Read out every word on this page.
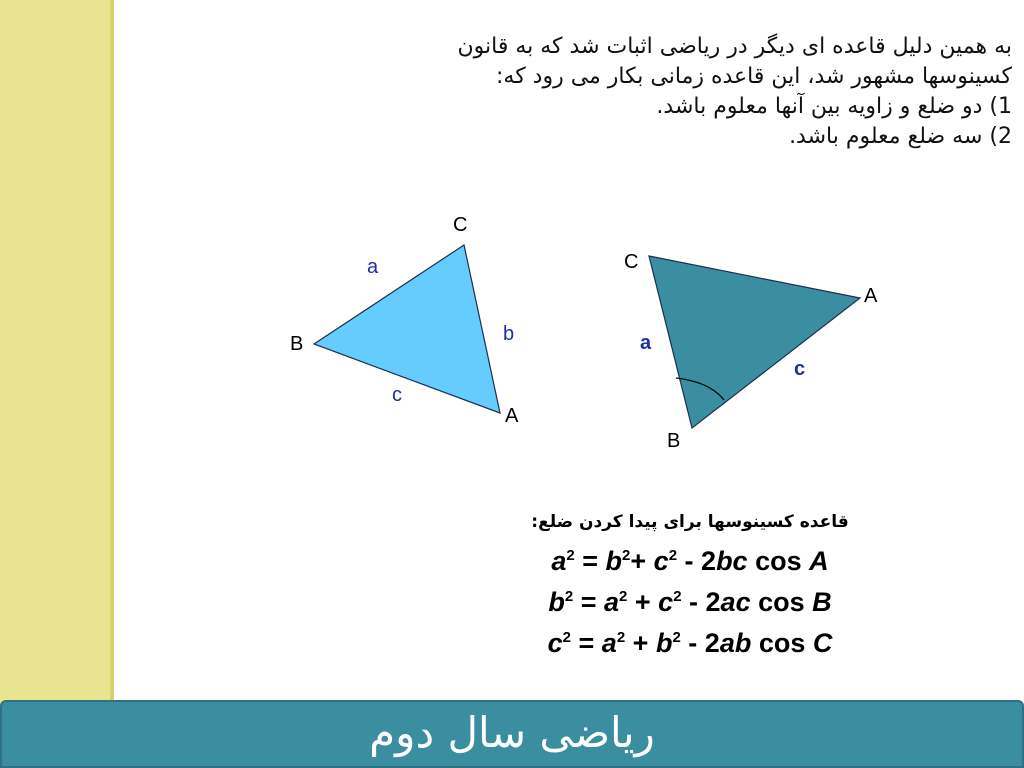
به همین دلیل قاعده ای دیگر در ریاضی اثبات شد که به قانون

کسینوسها مشهور شد، این قاعده زمانی بکار می رود که:

1) دو ضلع و زاویه بین آنها معلوم باشد.

2) سه ضلع معلوم باشد.

C
B
A
a
b
c
C
A
B
a
c
قاعده کسینوسها برای پیدا کردن ضلع:
$a^2 = b^2+ c^2 - 2bc$ cos A
$b^2 = a^2 + c^2 - 2ac$ cos B
$c^2 = a^2 + b^2 - 2ab$ cos C
ریاضی سال دوم
